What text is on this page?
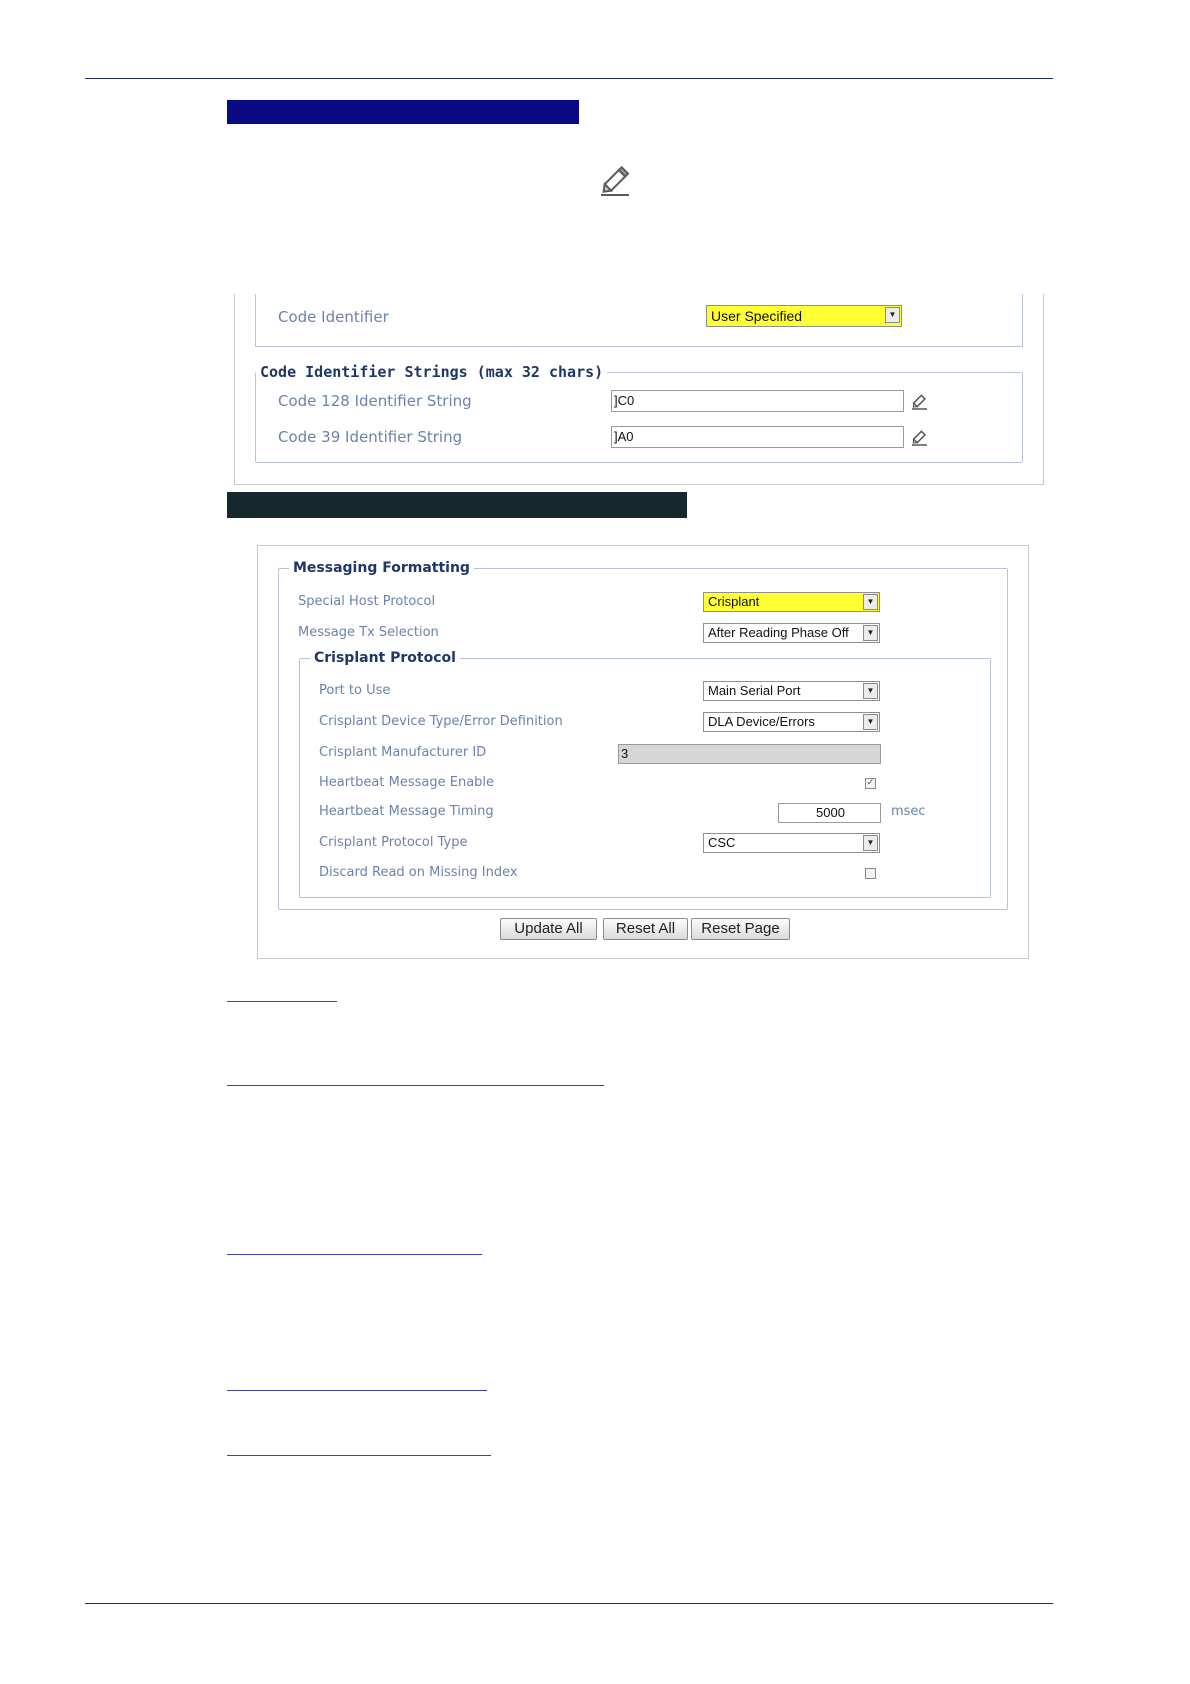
Code Identifier	User Specified	▼
Code Identifier Strings (max 32 chars)
Code 128 Identifier String	]C0
Code 39 Identifier String	]A0
Messaging Formatting
Special Host Protocol	Crisplant	▼
Message Tx Selection	After Reading Phase Off	▼
Crisplant Protocol
Port to Use	Main Serial Port	▼
Crisplant Device Type/Error Definition	DLA Device/Errors	▼
Crisplant Manufacturer ID	3
Heartbeat Message Enable	✓
Heartbeat Message Timing	5000	msec
Crisplant Protocol Type	CSC	▼
Discard Read on Missing Index
Update All	Reset All	Reset Page
